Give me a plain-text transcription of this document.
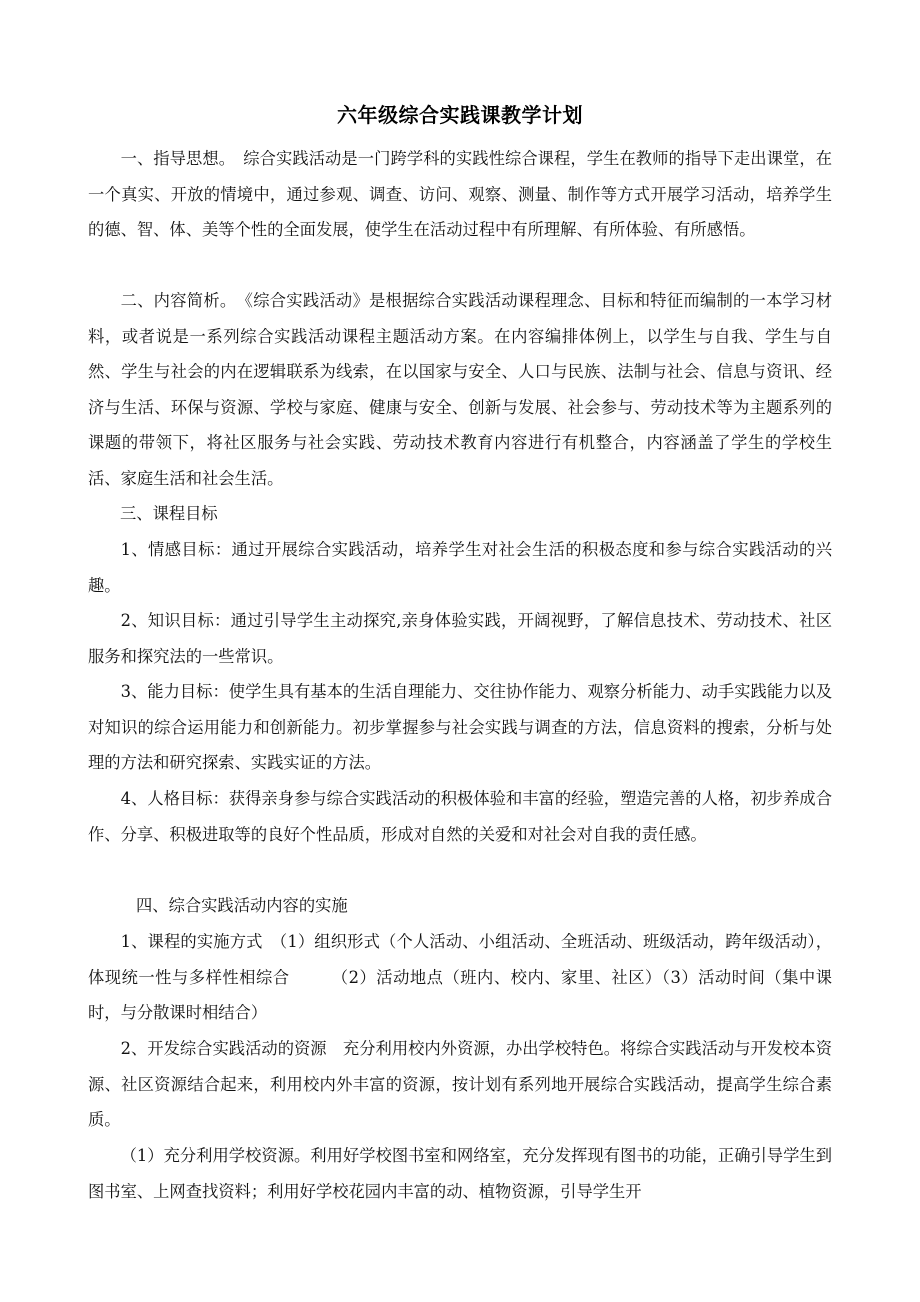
六年级综合实践课教学计划
一、指导思想。　综合实践活动是一门跨学科的实践性综合课程，学生在教师的指导下走出课堂，在一个真实、开放的情境中，通过参观、调查、访问、观察、测量、制作等方式开展学习活动，培养学生的德、智、体、美等个性的全面发展，使学生在活动过程中有所理解、有所体验、有所感悟。
二、内容简析。　《综合实践活动》是根据综合实践活动课程理念、目标和特征而编制的一本学习材料，或者说是一系列综合实践活动课程主题活动方案。在内容编排体例上，以学生与自我、学生与自然、学生与社会的内在逻辑联系为线索，在以国家与安全、人口与民族、法制与社会、信息与资讯、经济与生活、环保与资源、学校与家庭、健康与安全、创新与发展、社会参与、劳动技术等为主题系列的课题的带领下，将社区服务与社会实践、劳动技术教育内容进行有机整合，内容涵盖了学生的学校生活、家庭生活和社会生活。
三、课程目标
1、情感目标：通过开展综合实践活动，培养学生对社会生活的积极态度和参与综合实践活动的兴趣。
2、知识目标：通过引导学生主动探究,亲身体验实践，开阔视野，了解信息技术、劳动技术、社区服务和探究法的一些常识。
3、能力目标：使学生具有基本的生活自理能力、交往协作能力、观察分析能力、动手实践能力以及对知识的综合运用能力和创新能力。初步掌握参与社会实践与调查的方法，信息资料的搜索，分析与处理的方法和研究探索、实践实证的方法。
4、人格目标：获得亲身参与综合实践活动的积极体验和丰富的经验，塑造完善的人格，初步养成合作、分享、积极进取等的良好个性品质，形成对自然的关爱和对社会对自我的责任感。
四、综合实践活动内容的实施
1、课程的实施方式　（1）组织形式（个人活动、小组活动、全班活动、班级活动，跨年级活动），体现统一性与多样性相综合　　　（2）活动地点（班内、校内、家里、社区）（3）活动时间（集中课时，与分散课时相结合）
2、开发综合实践活动的资源　充分利用校内外资源，办出学校特色。将综合实践活动与开发校本资源、社区资源结合起来，利用校内外丰富的资源，按计划有系列地开展综合实践活动，提高学生综合素质。
（1）充分利用学校资源。利用好学校图书室和网络室，充分发挥现有图书的功能，正确引导学生到图书室、上网查找资料；利用好学校花园内丰富的动、植物资源，引导学生开
